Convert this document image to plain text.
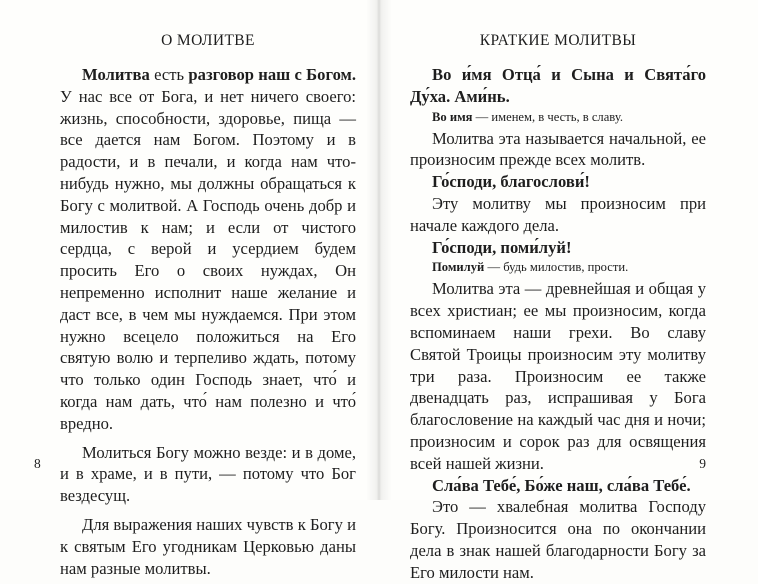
О МОЛИТВЕ

Молитва есть разговор наш с Богом. У нас все от Бога, и нет ничего своего: жизнь, способности, здоровье, пища — все дается нам Богом. Поэтому и в радости, и в печали, и когда нам что-нибудь нужно, мы должны обращаться к Богу с молитвой. А Господь очень добр и милостив к нам; и если от чистого сердца, с верой и усердием будем просить Его о своих нуждах, Он непременно исполнит наше желание и даст все, в чем мы нуждаемся. При этом нужно всецело положиться на Его святую волю и терпеливо ждать, потому что только один Господь знает, что́ и когда нам дать, что́ нам полезно и что́ вредно.

Молиться Богу можно везде: и в доме, и в храме, и в пути, — потому что Бог вездесущ.

Для выражения наших чувств к Богу и к святым Его угодникам Церковью даны нам разные молитвы.

8
КРАТКИЕ МОЛИТВЫ

Во и́мя Отца́ и Сына и Свята́го Ду́ха. Ами́нь.

Во имя — именем, в честь, в славу.

Молитва эта называется начальной, ее произносим прежде всех молитв.

Го́споди, благослови́!

Эту молитву мы произносим при начале каждого дела.

Го́споди, поми́луй!

Помилуй — будь милостив, прости.

Молитва эта — древнейшая и общая у всех христиан; ее мы произносим, когда вспоминаем наши грехи. Во славу Святой Троицы произносим эту молитву три раза. Произносим ее также двенадцать раз, испрашивая у Бога благословение на каждый час дня и ночи; произносим и сорок раз для освящения всей нашей жизни.

Сла́ва Тебе́, Бо́же наш, сла́ва Тебе́.

Это — хвалебная молитва Господу Богу. Произносится она по окончании дела в знак нашей благодарности Богу за Его милости нам.

9
